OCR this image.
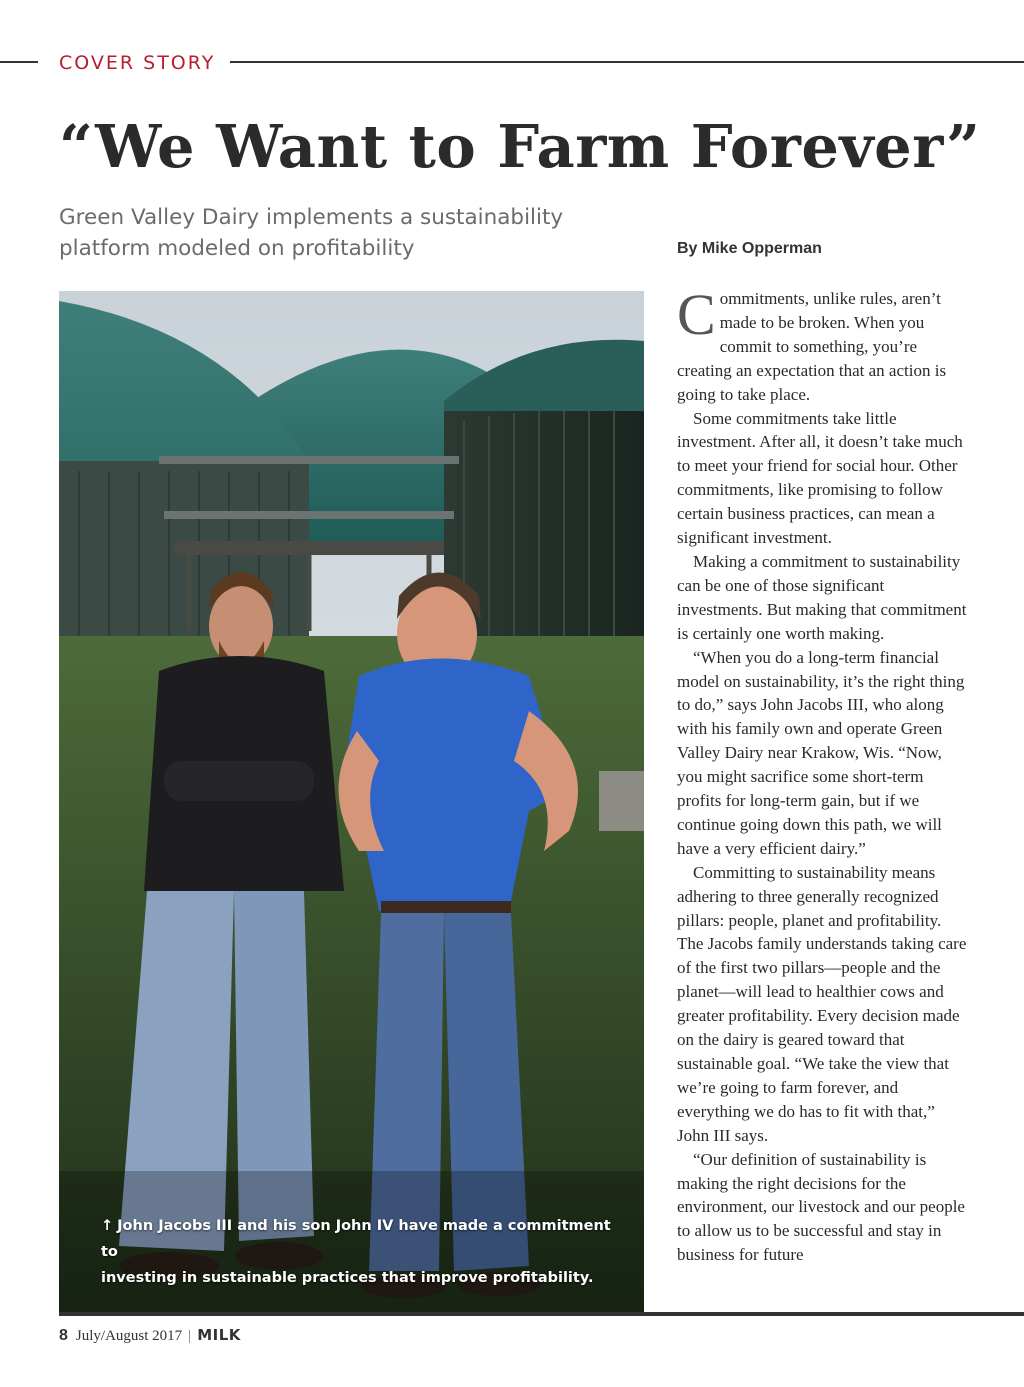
COVER STORY
“We Want to Farm Forever”
Green Valley Dairy implements a sustainability
platform modeled on profitability	By Mike Opperman
↑ John Jacobs III and his son John IV have made a commitment to
investing in sustainable practices that improve profitability.

Commitments, unlike rules, aren’t made to be broken. When you commit to something, you’re creating an expectation that an action is going to take place.

Some commitments take little investment. After all, it doesn’t take much to meet your friend for social hour. Other commitments, like promising to follow certain business practices, can mean a significant investment.

Making a commitment to sustainability can be one of those significant investments. But making that commitment is certainly one worth making.

“When you do a long-term financial model on sustainability, it’s the right thing to do,” says John Jacobs III, who along with his family own and operate Green Valley Dairy near Krakow, Wis. “Now, you might sacrifice some short-term profits for long-term gain, but if we continue going down this path, we will have a very efficient dairy.”

Committing to sustainability means adhering to three generally recognized pillars: people, planet and profitability. The Jacobs family understands taking care of the first two pillars—people and the planet—will lead to healthier cows and greater profitability. Every decision made on the dairy is geared toward that sustainable goal. “We take the view that we’re going to farm forever, and everything we do has to fit with that,” John III says.

“Our definition of sustainability is making the right decisions for the environment, our livestock and our people to allow us to be successful and stay in business for future

8 July/August 2017 | MILK
